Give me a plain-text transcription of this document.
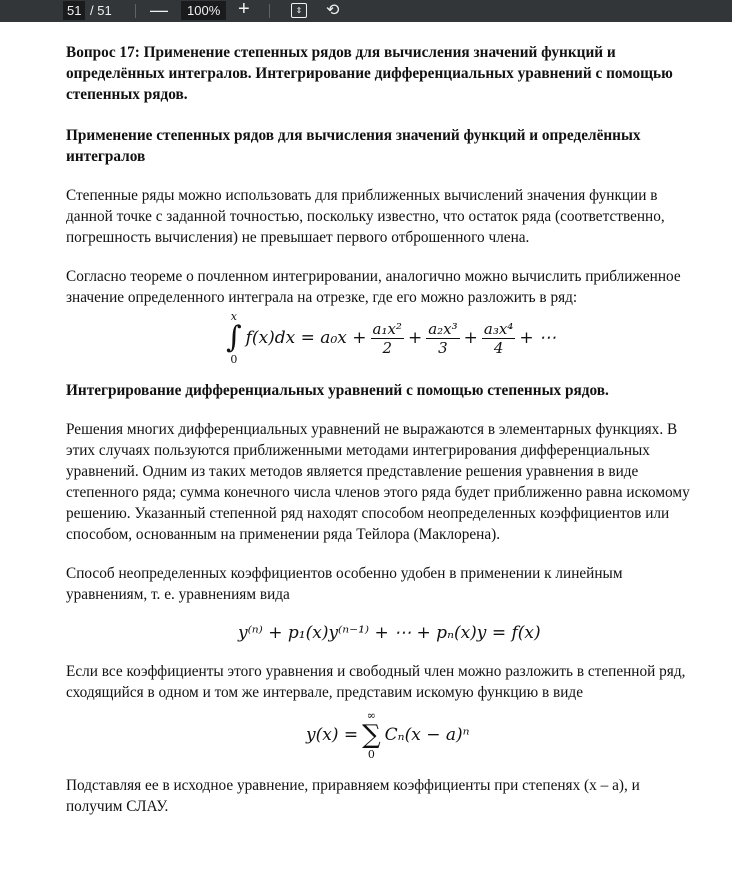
51 / 51 —	100% +	⇕ ⟲
Вопрос 17: Применение степенных рядов для вычисления значений функций и определённых интегралов. Интегрирование дифференциальных уравнений с помощью степенных рядов.
Применение степенных рядов для вычисления значений функций и определённых интегралов
Степенные ряды можно использовать для приближенных вычислений значения функции в данной точке с заданной точностью, поскольку известно, что остаток ряда (соответственно, погрешность вычисления) не превышает первого отброшенного члена.
Согласно теореме о почленном интегрировании, аналогично можно вычислить приближенное значение определенного интеграла на отрезке, где его можно разложить в ряд:
x
∫
0
$f(x)dx = a_0x + \frac{\text{a₁x²}}{2} + a_2x^3$
3 + a₃x⁴
4 + ⋯
Интегрирование дифференциальных уравнений с помощью степенных рядов.
Решения многих дифференциальных уравнений не выражаются в элементарных функциях. В этих случаях пользуются приближенными методами интегрирования дифференциальных уравнений. Одним из таких методов является представление решения уравнения в виде степенного ряда; сумма конечного числа членов этого ряда будет приближенно равна искомому решению. Указанный степенной ряд находят способом неопределенных коэффициентов или способом, основанным на применении ряда Тейлора (Маклорена).
Способ неопределенных коэффициентов особенно удобен в применении к линейным уравнениям, т. е. уравнениям вида
y⁽ⁿ⁾ + p₁(x)y⁽ⁿ⁻¹⁾ + ⋯ + pₙ(x)y = f(x)
Если все коэффициенты этого уравнения и свободный член можно разложить в степенной ряд, сходящийся в одном и том же интервале, представим искомую функцию в виде
y(x) =
∞
∑
0
Cₙ(x − a)ⁿ
Подставляя ее в исходное уравнение, приравняем коэффициенты при степенях (x – a), и получим СЛАУ.
